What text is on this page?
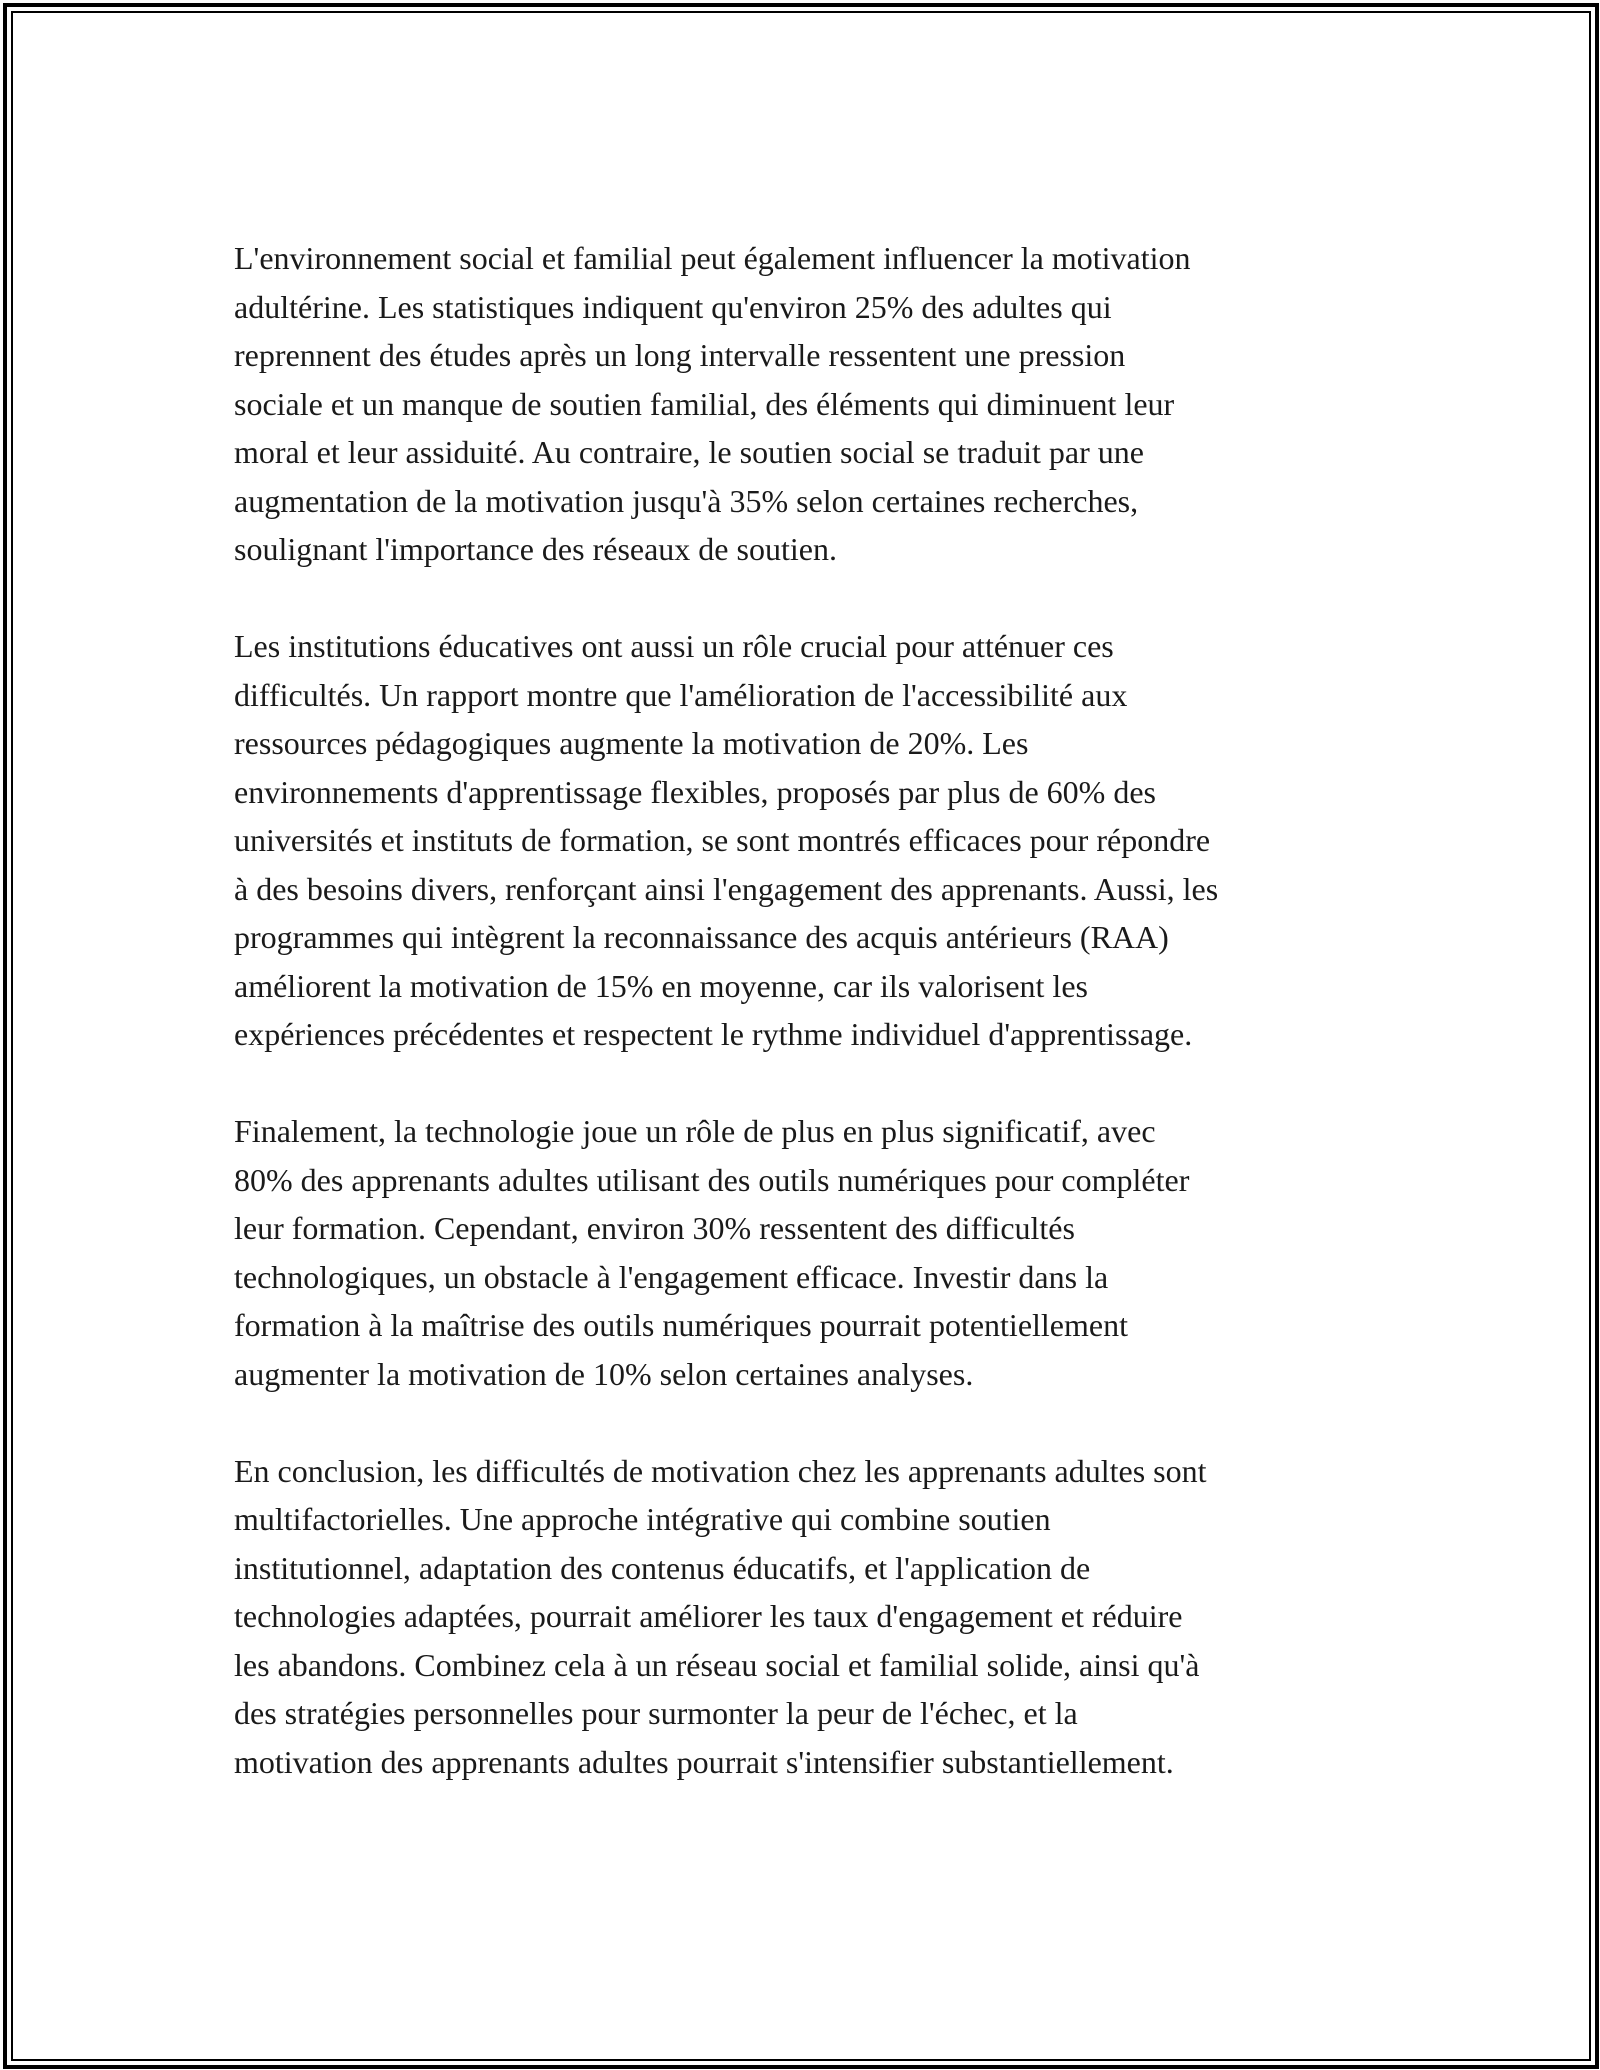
L'environnement social et familial peut également influencer la motivation
adultérine. Les statistiques indiquent qu'environ 25% des adultes qui
reprennent des études après un long intervalle ressentent une pression
sociale et un manque de soutien familial, des éléments qui diminuent leur
moral et leur assiduité. Au contraire, le soutien social se traduit par une
augmentation de la motivation jusqu'à 35% selon certaines recherches,
soulignant l'importance des réseaux de soutien.
Les institutions éducatives ont aussi un rôle crucial pour atténuer ces
difficultés. Un rapport montre que l'amélioration de l'accessibilité aux
ressources pédagogiques augmente la motivation de 20%. Les
environnements d'apprentissage flexibles, proposés par plus de 60% des
universités et instituts de formation, se sont montrés efficaces pour répondre
à des besoins divers, renforçant ainsi l'engagement des apprenants. Aussi, les
programmes qui intègrent la reconnaissance des acquis antérieurs (RAA)
améliorent la motivation de 15% en moyenne, car ils valorisent les
expériences précédentes et respectent le rythme individuel d'apprentissage.
Finalement, la technologie joue un rôle de plus en plus significatif, avec
80% des apprenants adultes utilisant des outils numériques pour compléter
leur formation. Cependant, environ 30% ressentent des difficultés
technologiques, un obstacle à l'engagement efficace. Investir dans la
formation à la maîtrise des outils numériques pourrait potentiellement
augmenter la motivation de 10% selon certaines analyses.
En conclusion, les difficultés de motivation chez les apprenants adultes sont
multifactorielles. Une approche intégrative qui combine soutien
institutionnel, adaptation des contenus éducatifs, et l'application de
technologies adaptées, pourrait améliorer les taux d'engagement et réduire
les abandons. Combinez cela à un réseau social et familial solide, ainsi qu'à
des stratégies personnelles pour surmonter la peur de l'échec, et la
motivation des apprenants adultes pourrait s'intensifier substantiellement.
